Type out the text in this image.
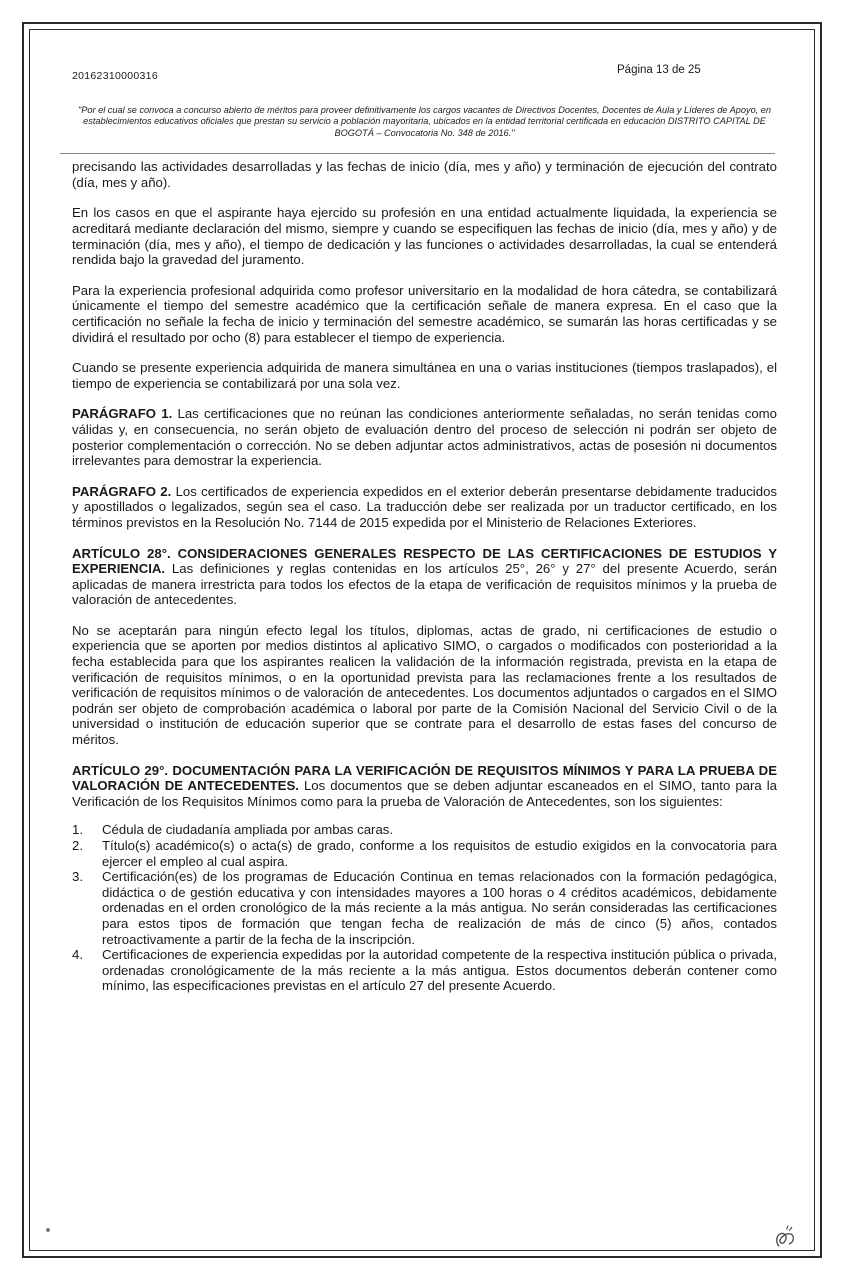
20162310000316	Página 13 de 25
"Por el cual se convoca a concurso abierto de méritos para proveer definitivamente los cargos vacantes de Directivos Docentes, Docentes de Aula y Líderes de Apoyo, en establecimientos educativos oficiales que prestan su servicio a población mayoritaria, ubicados en la entidad territorial certificada en educación DISTRITO CAPITAL DE BOGOTÁ – Convocatoria No. 348 de 2016."

precisando las actividades desarrolladas y las fechas de inicio (día, mes y año) y terminación de ejecución del contrato (día, mes y año).

En los casos en que el aspirante haya ejercido su profesión en una entidad actualmente liquidada, la experiencia se acreditará mediante declaración del mismo, siempre y cuando se especifiquen las fechas de inicio (día, mes y año) y de terminación (día, mes y año), el tiempo de dedicación y las funciones o actividades desarrolladas, la cual se entenderá rendida bajo la gravedad del juramento.

Para la experiencia profesional adquirida como profesor universitario en la modalidad de hora cátedra, se contabilizará únicamente el tiempo del semestre académico que la certificación señale de manera expresa. En el caso que la certificación no señale la fecha de inicio y terminación del semestre académico, se sumarán las horas certificadas y se dividirá el resultado por ocho (8) para establecer el tiempo de experiencia.

Cuando se presente experiencia adquirida de manera simultánea en una o varias instituciones (tiempos traslapados), el tiempo de experiencia se contabilizará por una sola vez.

PARÁGRAFO 1. Las certificaciones que no reúnan las condiciones anteriormente señaladas, no serán tenidas como válidas y, en consecuencia, no serán objeto de evaluación dentro del proceso de selección ni podrán ser objeto de posterior complementación o corrección. No se deben adjuntar actos administrativos, actas de posesión ni documentos irrelevantes para demostrar la experiencia.

PARÁGRAFO 2. Los certificados de experiencia expedidos en el exterior deberán presentarse debidamente traducidos y apostillados o legalizados, según sea el caso. La traducción debe ser realizada por un traductor certificado, en los términos previstos en la Resolución No. 7144 de 2015 expedida por el Ministerio de Relaciones Exteriores.

ARTÍCULO 28°. CONSIDERACIONES GENERALES RESPECTO DE LAS CERTIFICACIONES DE ESTUDIOS Y EXPERIENCIA. Las definiciones y reglas contenidas en los artículos 25°, 26° y 27° del presente Acuerdo, serán aplicadas de manera irrestricta para todos los efectos de la etapa de verificación de requisitos mínimos y la prueba de valoración de antecedentes.

No se aceptarán para ningún efecto legal los títulos, diplomas, actas de grado, ni certificaciones de estudio o experiencia que se aporten por medios distintos al aplicativo SIMO, o cargados o modificados con posterioridad a la fecha establecida para que los aspirantes realicen la validación de la información registrada, prevista en la etapa de verificación de requisitos mínimos, o en la oportunidad prevista para las reclamaciones frente a los resultados de verificación de requisitos mínimos o de valoración de antecedentes. Los documentos adjuntados o cargados en el SIMO podrán ser objeto de comprobación académica o laboral por parte de la Comisión Nacional del Servicio Civil o de la universidad o institución de educación superior que se contrate para el desarrollo de estas fases del concurso de méritos.

ARTÍCULO 29°. DOCUMENTACIÓN PARA LA VERIFICACIÓN DE REQUISITOS MÍNIMOS Y PARA LA PRUEBA DE VALORACIÓN DE ANTECEDENTES. Los documentos que se deben adjuntar escaneados en el SIMO, tanto para la Verificación de los Requisitos Mínimos como para la prueba de Valoración de Antecedentes, son los siguientes:

1. Cédula de ciudadanía ampliada por ambas caras.
2. Título(s) académico(s) o acta(s) de grado, conforme a los requisitos de estudio exigidos en la convocatoria para ejercer el empleo al cual aspira.
3. Certificación(es) de los programas de Educación Continua en temas relacionados con la formación pedagógica, didáctica o de gestión educativa y con intensidades mayores a 100 horas o 4 créditos académicos, debidamente ordenadas en el orden cronológico de la más reciente a la más antigua. No serán consideradas las certificaciones para estos tipos de formación que tengan fecha de realización de más de cinco (5) años, contados retroactivamente a partir de la fecha de la inscripción.
4. Certificaciones de experiencia expedidas por la autoridad competente de la respectiva institución pública o privada, ordenadas cronológicamente de la más reciente a la más antigua. Estos documentos deberán contener como mínimo, las especificaciones previstas en el artículo 27 del presente Acuerdo.
